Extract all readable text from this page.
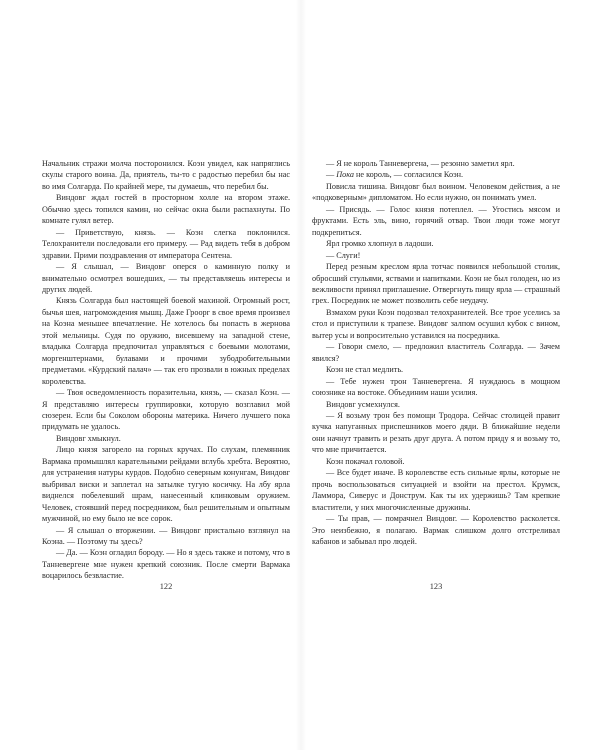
Начальник стражи молча посторонился. Коэн увидел, как напряглись скулы старого воина. Да, приятель, ты-то с радостью перебил бы нас во имя Солгарда. По крайней мере, ты думаешь, что перебил бы.

Виндовг ждал гостей в просторном холле на втором этаже. Обычно здесь топился камин, но сейчас окна были распахнуты. По комнате гулял ветер.

— Приветствую, князь. — Коэн слегка поклонился. Телохранители последовали его примеру. — Рад видеть тебя в добром здравии. Прими поздравления от императора Сентена.

— Я слышал, — Виндовг оперся о каминную полку и внимательно осмотрел вошедших, — ты представляешь интересы и других людей.

Князь Солгарда был настоящей боевой махиной. Огромный рост, бычья шея, нагромождения мышц. Даже Гроорг в свое время произвел на Коэна меньшее впечатление. Не хотелось бы попасть в жернова этой мельницы. Судя по оружию, висевшему на западной стене, владыка Солгарда предпочитал управляться с боевыми молотами, моргенштернами, булавами и прочими зубодробительными предметами. «Курдский палач» — так его прозвали в южных пределах королевства.

— Твоя осведомленность поразительна, князь, — сказал Коэн. — Я представляю интересы группировки, которую возглавил мой сюзерен. Если бы Соколом обороны материка. Ничего лучшего пока придумать не удалось.

Виндовг хмыкнул.

Лицо князя загорело на горных кручах. По слухам, племянник Вармака промышлял карательными рейдами вглубь хребта. Вероятно, для устранения натуры курдов. Подобно северным конунгам, Виндовг выбривал виски и заплетал на затылке тугую косичку. На лбу ярла виднелся побелевший шрам, нанесенный клинковым оружием. Человек, стоявший перед посредником, был решительным и опытным мужчиной, но ему было не все сорок.

— Я слышал о вторжении. — Виндовг пристально взглянул на Коэна. — Поэтому ты здесь?

— Да. — Коэн огладил бороду. — Но я здесь также и потому, что в Танневергене мне нужен крепкий союзник. После смерти Вармака воцарилось безвластие.

122

— Я не король Танневергена, — резонно заметил ярл.

— Пока не король, — согласился Коэн.

Повисла тишина. Виндовг был воином. Человеком действия, а не «подковерным» дипломатом. Но если нужно, он понимать умел.

— Присядь. — Голос князя потеплел. — Угостись мясом и фруктами. Есть эль, вино, горячий отвар. Твои люди тоже могут подкрепиться.

Ярл громко хлопнул в ладоши.

— Слуги!

Перед резным креслом ярла тотчас появился небольшой столик, обросший стульями, яствами и напитками. Коэн не был голоден, но из вежливости принял приглашение. Отвергнуть пищу ярла — страшный грех. Посредник не может позволить себе неудачу.

Взмахом руки Коэн подозвал телохранителей. Все трое уселись за стол и приступили к трапезе. Виндовг залпом осушил кубок с вином, вытер усы и вопросительно уставился на посредника.

— Говори смело, — предложил властитель Солгарда. — Зачем явился?

Коэн не стал медлить.

— Тебе нужен трон Танневергена. Я нуждаюсь в мощном союзнике на востоке. Объединим наши усилия.

Виндовг усмехнулся.

— Я возьму трон без помощи Тродора. Сейчас столицей правит кучка напуганных приспешников моего дяди. В ближайшие недели они начнут травить и резать друг друга. А потом приду я и возьму то, что мне причитается.

Коэн покачал головой.

— Все будет иначе. В королевстве есть сильные ярлы, которые не прочь воспользоваться ситуацией и взойти на престол. Крумск, Ламмора, Сиверус и Донструм. Как ты их удержишь? Там крепкие властители, у них многочисленные дружины.

— Ты прав, — помрачнел Виндовг. — Королевство расколется. Это неизбежно, я полагаю. Вармак слишком долго отстреливал кабанов и забывал про людей.

123
